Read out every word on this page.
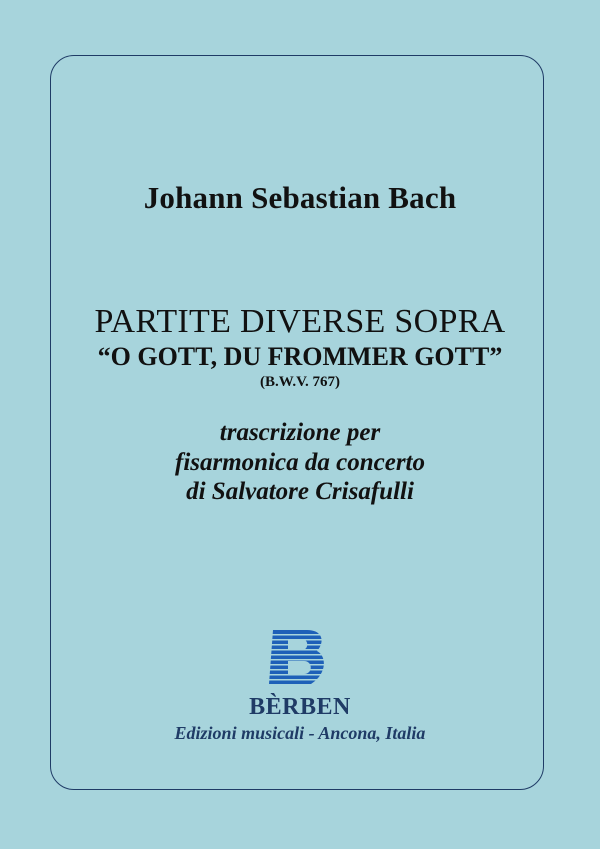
Johann Sebastian Bach
PARTITE DIVERSE SOPRA
“O GOTT, DU FROMMER GOTT”
(B.W.V. 767)
trascrizione per
fisarmonica da concerto
di Salvatore Crisafulli
BÈRBEN
Edizioni musicali - Ancona, Italia
